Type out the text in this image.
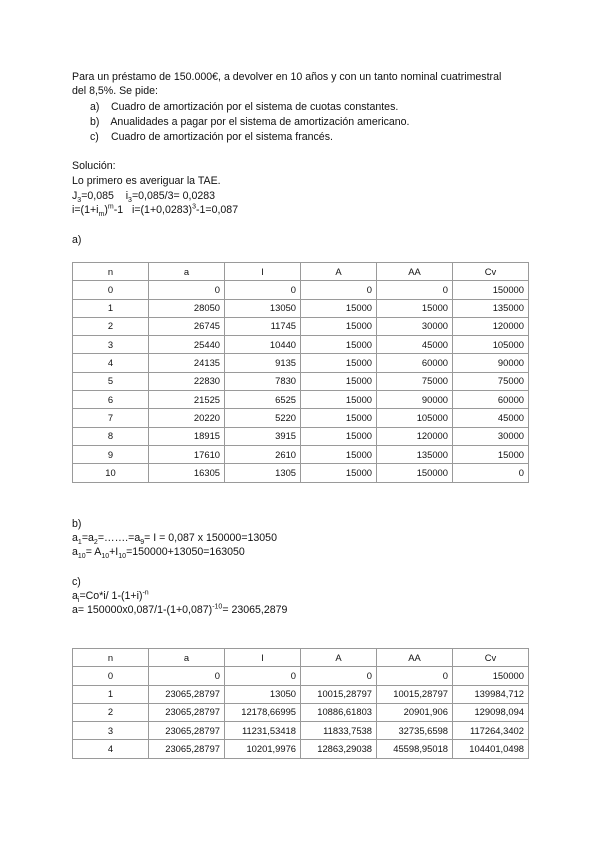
Para un préstamo de 150.000€, a devolver en 10 años y con un tanto nominal cuatrimestral
del 8,5%. Se pide:
a) Cuadro de amortización por el sistema de cuotas constantes.
b) Anualidades a pagar por el sistema de amortización americano.
c) Cuadro de amortización por el sistema francés.
Solución:
Lo primero es averiguar la TAE.
$J_3=0,085$ $i_3=0,085/3= 0,0283$
$i=(1+i_m)^m-1$ $i=(1+0,0283)^3-1=0,087$
a)
n	a	I	A	AA	Cv
0	0	0	0	0	150000
1	28050	13050	15000	15000	135000
2	26745	11745	15000	30000	120000
3	25440	10440	15000	45000	105000
4	24135	9135	15000	60000	90000
5	22830	7830	15000	75000	75000
6	21525	6525	15000	90000	60000
7	20220	5220	15000	105000	45000
8	18915	3915	15000	120000	30000
9	17610	2610	15000	135000	15000
10	16305	1305	15000	150000	0
b)
$a_1=a_2=\dots\dots.=a_9= I = 0,087$ x 150000=13050
$a_{10}= A_{10}+I_{10}=150000+13050=163050$
c)
$a_i=Co*i/$ $1-(1+i)^{-n}$
$a= 150000x0,087/1-(1+0,087)^{-10}= 23065,2879$
n	a	I	A	AA	Cv
0	0	0	0	0	150000
1	23065,28797	13050	10015,28797	10015,28797	139984,712
2	23065,28797	12178,66995	10886,61803	20901,906	129098,094
3	23065,28797	11231,53418	11833,7538	32735,6598	117264,3402
4	23065,28797	10201,9976	12863,29038	45598,95018	104401,0498
